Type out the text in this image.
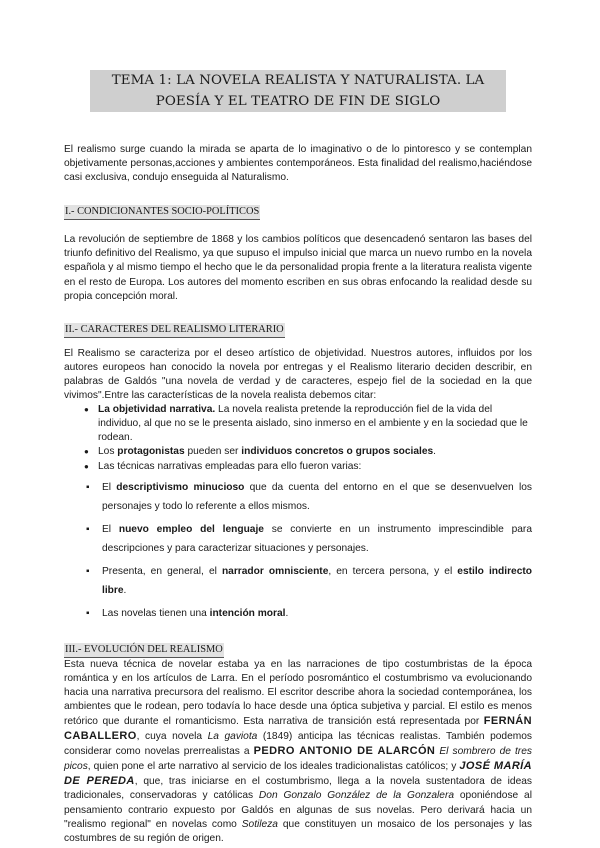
TEMA 1: LA NOVELA REALISTA Y NATURALISTA. LA
POESÍA Y EL TEATRO DE FIN DE SIGLO

El realismo surge cuando la mirada se aparta de lo imaginativo o de lo pintoresco y se contemplan objetivamente personas,acciones y ambientes contemporáneos. Esta finalidad del realismo,haciéndose casi exclusiva, condujo enseguida al Naturalismo.

I.- CONDICIONANTES SOCIO-POLÍTICOS

La revolución de septiembre de 1868 y los cambios políticos que desencadenó sentaron las bases del triunfo definitivo del Realismo, ya que supuso el impulso inicial que marca un nuevo rumbo en la novela española y al mismo tiempo el hecho que le da personalidad propia frente a la literatura realista vigente en el resto de Europa. Los autores del momento escriben en sus obras enfocando la realidad desde su propia concepción moral.

II.- CARACTERES DEL REALISMO LITERARIO

El Realismo se caracteriza por el deseo artístico de objetividad. Nuestros autores, influidos por los autores europeos han conocido la novela por entregas y el Realismo literario deciden describir, en palabras de Galdós "una novela de verdad y de caracteres, espejo fiel de la sociedad en la que vivimos".Entre las características de la novela realista debemos citar:

● La objetividad narrativa. La novela realista pretende la reproducción fiel de la vida del individuo, al que no se le presenta aislado, sino inmerso en el ambiente y en la sociedad que le rodean.
● Los protagonistas pueden ser individuos concretos o grupos sociales.
● Las técnicas narrativas empleadas para ello fueron varias:
▪ El descriptivismo minucioso que da cuenta del entorno en el que se desenvuelven los personajes y todo lo referente a ellos mismos.
▪ El nuevo empleo del lenguaje se convierte en un instrumento imprescindible para descripciones y para caracterizar situaciones y personajes.
▪ Presenta, en general, el narrador omnisciente, en tercera persona, y el estilo indirecto libre.
▪ Las novelas tienen una intención moral.
III.- EVOLUCIÓN DEL REALISMO

Esta nueva técnica de novelar estaba ya en las narraciones de tipo costumbristas de la época romántica y en los artículos de Larra. En el período posromántico el costumbrismo va evolucionando hacia una narrativa precursora del realismo. El escritor describe ahora la sociedad contemporánea, los ambientes que le rodean, pero todavía lo hace desde una óptica subjetiva y parcial. El estilo es menos retórico que durante el romanticismo. Esta narrativa de transición está representada por FERNÁN CABALLERO, cuya novela La gaviota (1849) anticipa las técnicas realistas. También podemos considerar como novelas prerrealistas a PEDRO ANTONIO DE ALARCÓN El sombrero de tres picos, quien pone el arte narrativo al servicio de los ideales tradicionalistas católicos; y JOSÉ MARÍA DE PEREDA, que, tras iniciarse en el costumbrismo, llega a la novela sustentadora de ideas tradicionales, conservadoras y católicas Don Gonzalo González de la Gonzalera oponiéndose al pensamiento contrario expuesto por Galdós en algunas de sus novelas. Pero derivará hacia un "realismo regional" en novelas como Sotileza que constituyen un mosaico de los personajes y las costumbres de su región de origen.
